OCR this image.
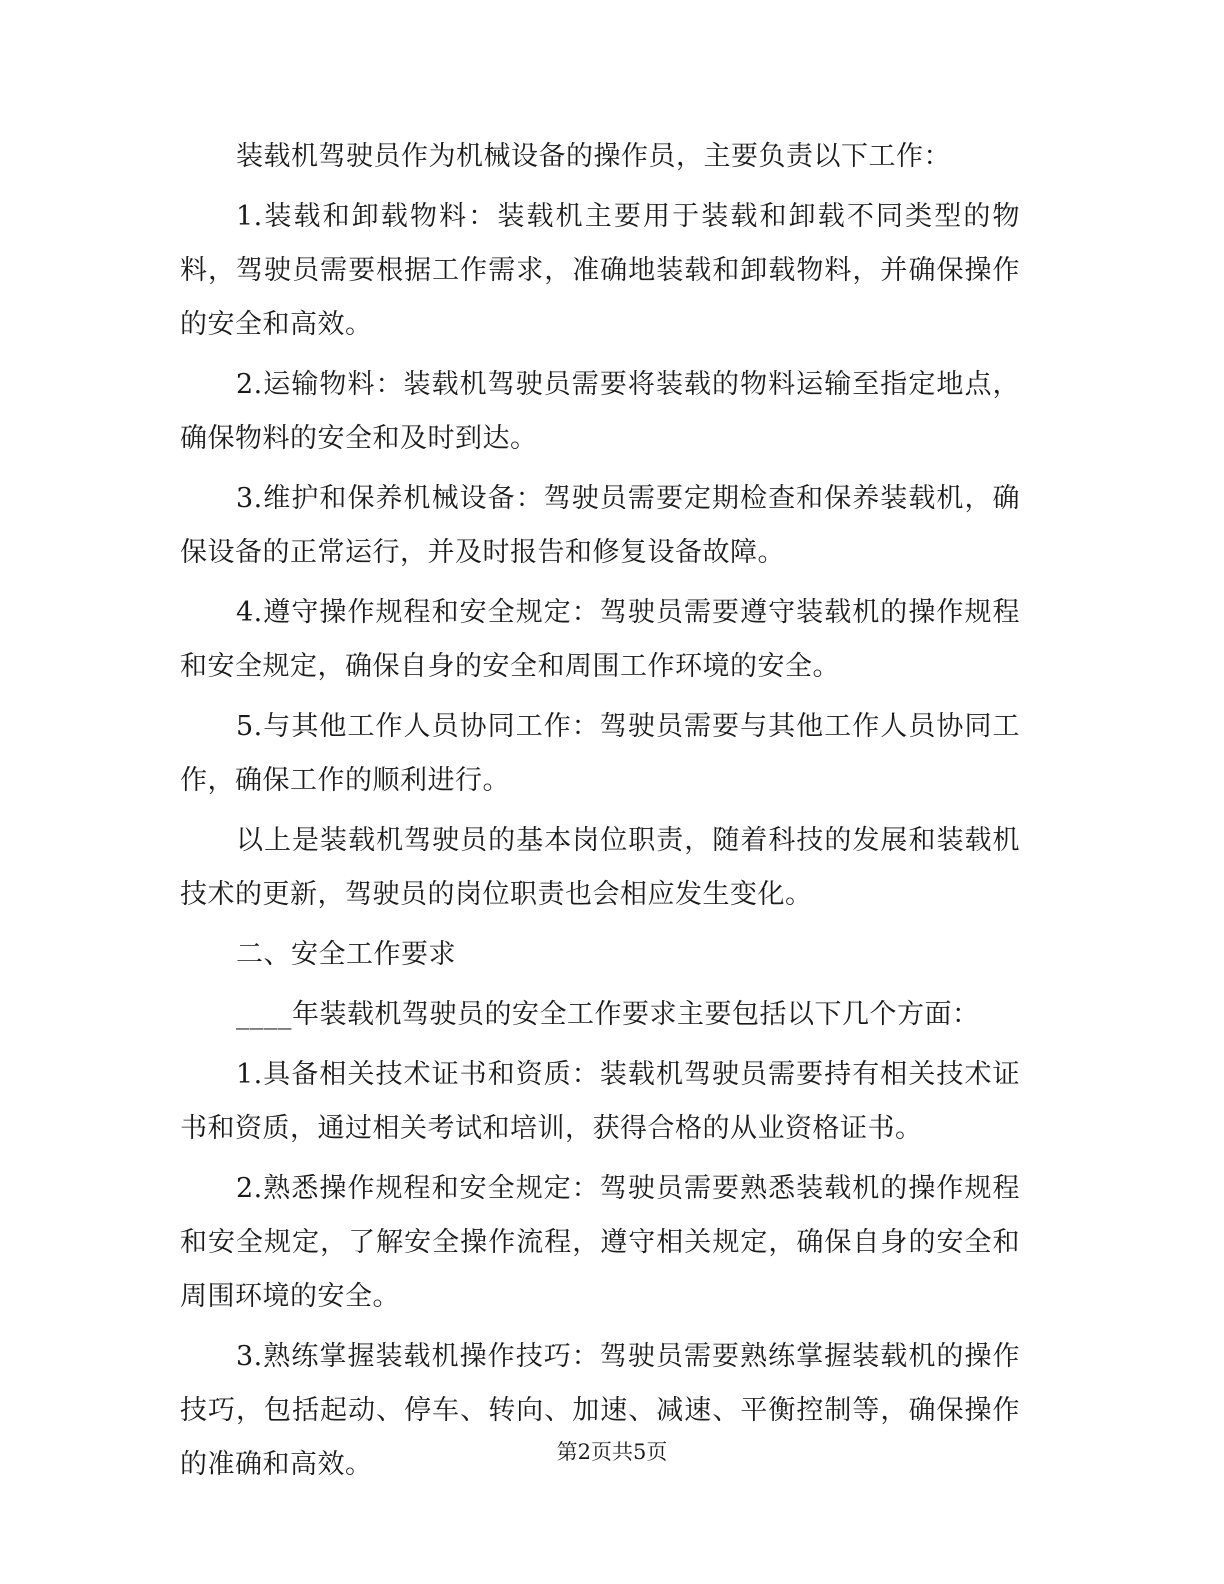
装载机驾驶员作为机械设备的操作员，主要负责以下工作：

1.装载和卸载物料：装载机主要用于装载和卸载不同类型的物料，驾驶员需要根据工作需求，准确地装载和卸载物料，并确保操作的安全和高效。

2.运输物料：装载机驾驶员需要将装载的物料运输至指定地点，确保物料的安全和及时到达。

3.维护和保养机械设备：驾驶员需要定期检查和保养装载机，确保设备的正常运行，并及时报告和修复设备故障。

4.遵守操作规程和安全规定：驾驶员需要遵守装载机的操作规程和安全规定，确保自身的安全和周围工作环境的安全。

5.与其他工作人员协同工作：驾驶员需要与其他工作人员协同工作，确保工作的顺利进行。

以上是装载机驾驶员的基本岗位职责，随着科技的发展和装载机技术的更新，驾驶员的岗位职责也会相应发生变化。

二、安全工作要求

____年装载机驾驶员的安全工作要求主要包括以下几个方面：

1.具备相关技术证书和资质：装载机驾驶员需要持有相关技术证书和资质，通过相关考试和培训，获得合格的从业资格证书。

2.熟悉操作规程和安全规定：驾驶员需要熟悉装载机的操作规程和安全规定，了解安全操作流程，遵守相关规定，确保自身的安全和周围环境的安全。

3.熟练掌握装载机操作技巧：驾驶员需要熟练掌握装载机的操作技巧，包括起动、停车、转向、加速、减速、平衡控制等，确保操作的准确和高效。	第2页共5页
